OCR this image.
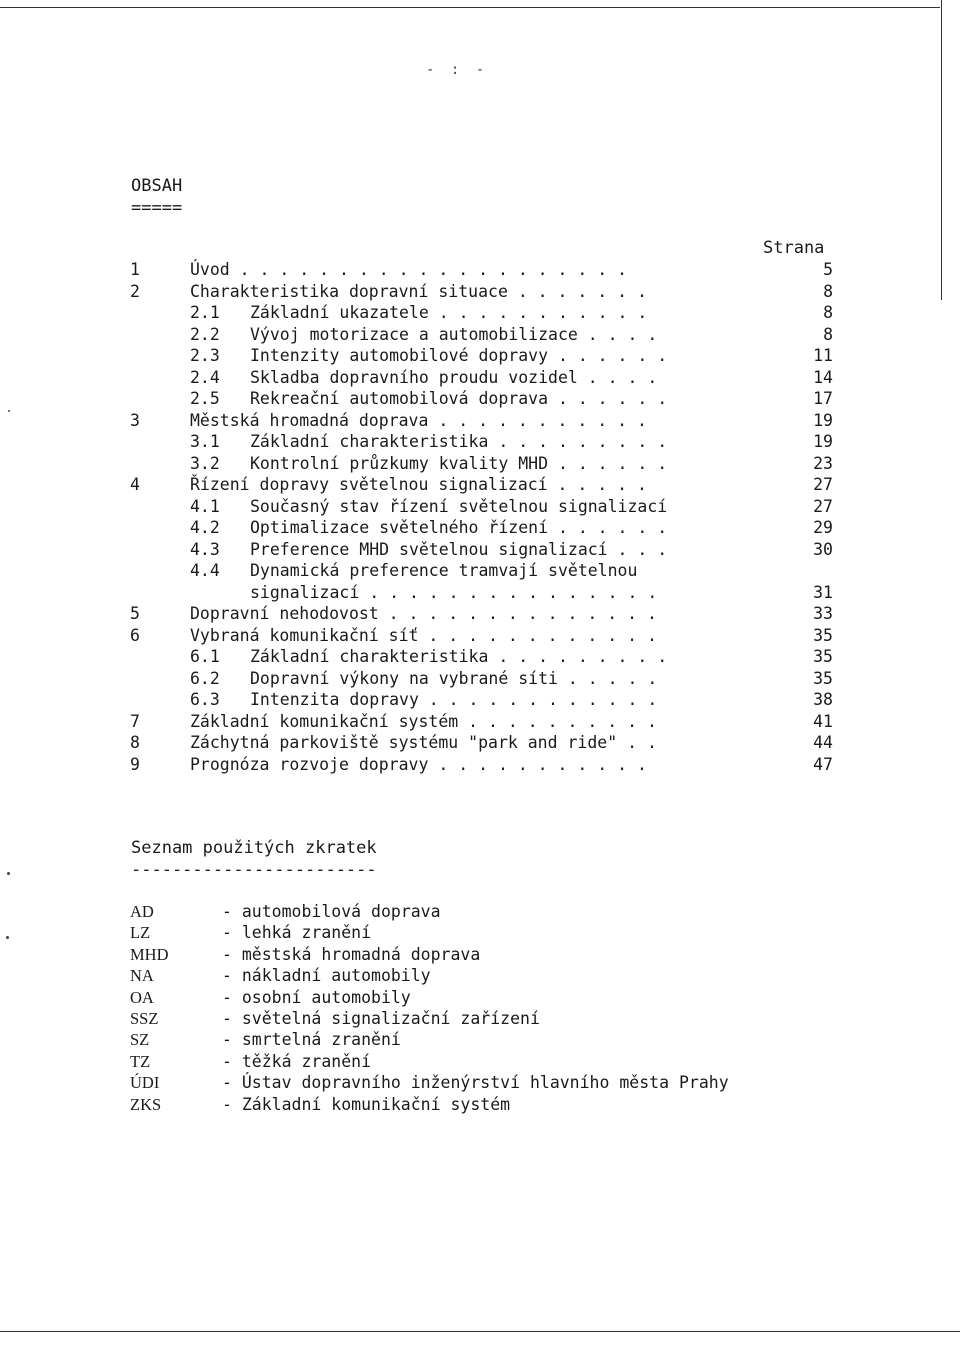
- : -
OBSAH
=====
Strana
1	Úvod . . . . . . . . . . . . . . . . . . . .	5
2	Charakteristika dopravní situace . . . . . . .	8
2.1 Základní ukazatele . . . . . . . . . . .	8
2.2 Vývoj motorizace a automobilizace . . . .	8
2.3 Intenzity automobilové dopravy . . . . . .	11
2.4 Skladba dopravního proudu vozidel . . . .	14
2.5 Rekreační automobilová doprava . . . . . .	17
3	Městská hromadná doprava . . . . . . . . . . .	19
3.1 Základní charakteristika . . . . . . . . .	19
3.2 Kontrolní průzkumy kvality MHD . . . . . .	23
4	Řízení dopravy světelnou signalizací . . . . .	27
4.1 Současný stav řízení světelnou signalizací	27
4.2 Optimalizace světelného řízení . . . . . .	29
4.3 Preference MHD světelnou signalizací . . .	30
4.4 Dynamická preference tramvají světelnou
signalizací . . . . . . . . . . . . . . .	31
5	Dopravní nehodovost . . . . . . . . . . . . . .	33
6	Vybraná komunikační síť . . . . . . . . . . . .	35
6.1 Základní charakteristika . . . . . . . . .	35
6.2 Dopravní výkony na vybrané síti . . . . .	35
6.3 Intenzita dopravy . . . . . . . . . . . .	38
7	Základní komunikační systém . . . . . . . . . .	41
8	Záchytná parkoviště systému "park and ride" . .	44
9	Prognóza rozvoje dopravy . . . . . . . . . . .	47
Seznam použitých zkratek
------------------------
AD	- automobilová doprava
LZ	- lehká zranění
MHD	- městská hromadná doprava
NA	- nákladní automobily
OA	- osobní automobily
SSZ	- světelná signalizační zařízení
SZ	- smrtelná zranění
TZ	- těžká zranění
ÚDI	- Ústav dopravního inženýrství hlavního města Prahy
ZKS	- Základní komunikační systém
